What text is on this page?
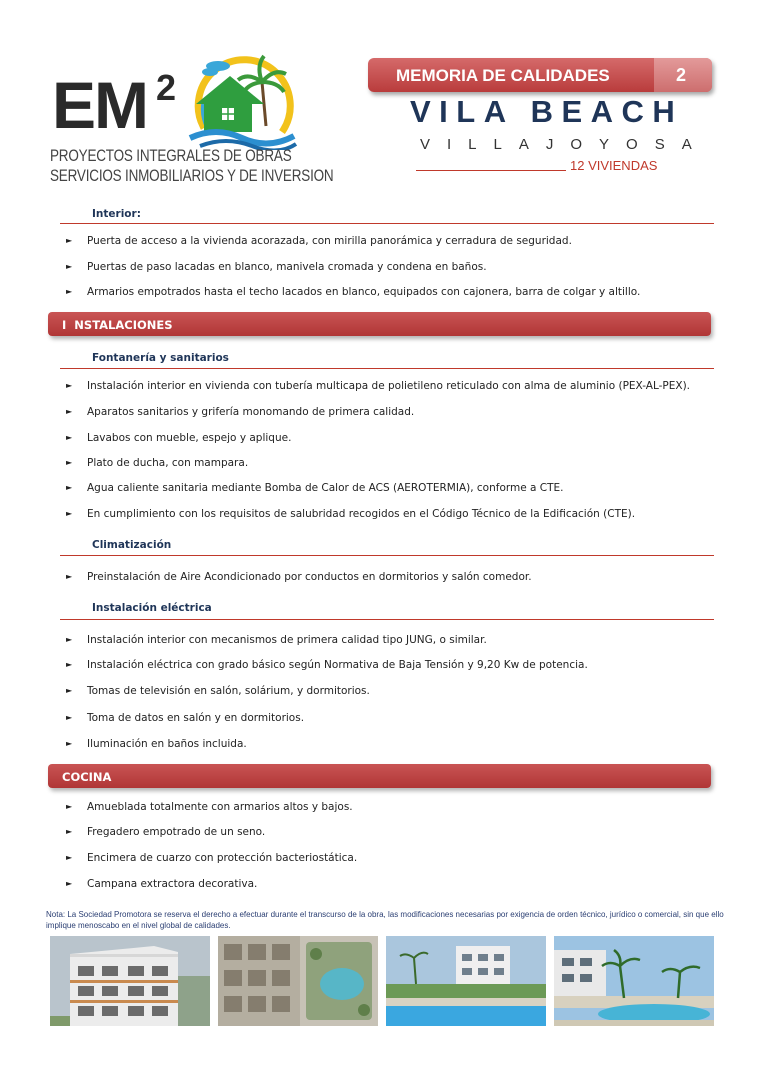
EM 2
PROYECTOS INTEGRALES DE OBRAS
SERVICIOS INMOBILIARIOS Y DE INVERSION
MEMORIA DE CALIDADES	2
VILA BEACH
VILLAJOYOSA
12 VIVIENDAS
Interior:
► Puerta de acceso a la vivienda acorazada, con mirilla panorámica y cerradura de seguridad.
► Puertas de paso lacadas en blanco, manivela cromada y condena en baños.
► Armarios empotrados hasta el techo lacados en blanco, equipados con cajonera, barra de colgar y altillo.
I NSTALACIONES
Fontanería y sanitarios
► Instalación interior en vivienda con tubería multicapa de polietileno reticulado con alma de aluminio (PEX-AL-PEX).
► Aparatos sanitarios y grifería monomando de primera calidad.
► Lavabos con mueble, espejo y aplique.
► Plato de ducha, con mampara.
► Agua caliente sanitaria mediante Bomba de Calor de ACS (AEROTERMIA), conforme a CTE.
► En cumplimiento con los requisitos de salubridad recogidos en el Código Técnico de la Edificación (CTE).
Climatización
► Preinstalación de Aire Acondicionado por conductos en dormitorios y salón comedor.
Instalación eléctrica
► Instalación interior con mecanismos de primera calidad tipo JUNG, o similar.
► Instalación eléctrica con grado básico según Normativa de Baja Tensión y 9,20 Kw de potencia.
► Tomas de televisión en salón, solárium, y dormitorios.
► Toma de datos en salón y en dormitorios.
► Iluminación en baños incluida.
COCINA
► Amueblada totalmente con armarios altos y bajos.
► Fregadero empotrado de un seno.
► Encimera de cuarzo con protección bacteriostática.
► Campana extractora decorativa.
Nota: La Sociedad Promotora se reserva el derecho a efectuar durante el transcurso de la obra, las modificaciones necesarias por exigencia de orden técnico, jurídico o comercial, sin que ello implique menoscabo en el nivel global de calidades.
